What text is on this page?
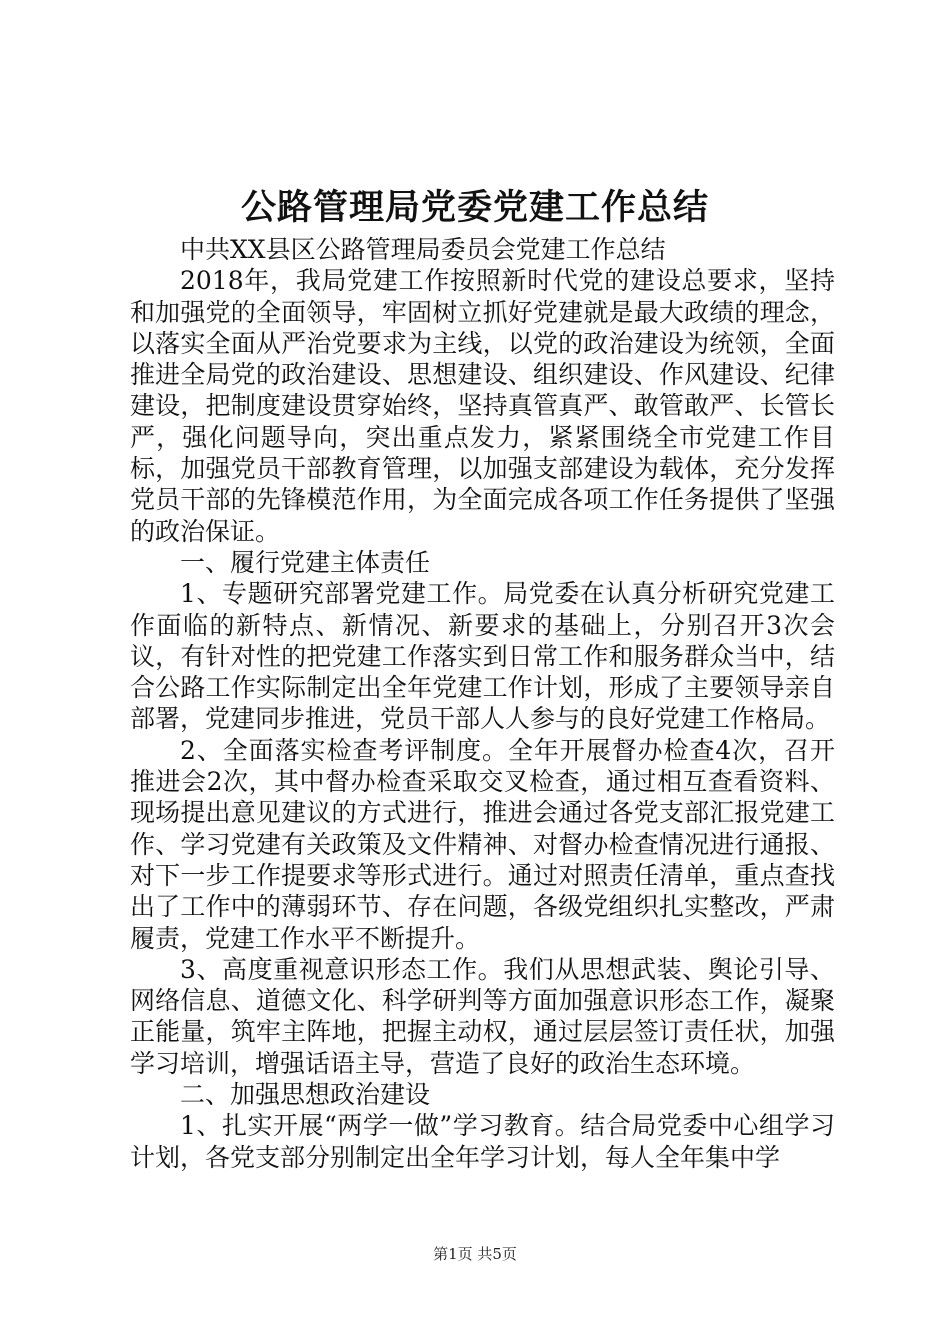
公路管理局党委党建工作总结

中共XX县区公路管理局委员会党建工作总结

2018年，我局党建工作按照新时代党的建设总要求，坚持和加强党的全面领导，牢固树立抓好党建就是最大政绩的理念，以落实全面从严治党要求为主线，以党的政治建设为统领，全面推进全局党的政治建设、思想建设、组织建设、作风建设、纪律建设，把制度建设贯穿始终，坚持真管真严、敢管敢严、长管长严，强化问题导向，突出重点发力，紧紧围绕全市党建工作目标，加强党员干部教育管理，以加强支部建设为载体，充分发挥党员干部的先锋模范作用，为全面完成各项工作任务提供了坚强的政治保证。

一、履行党建主体责任

1、专题研究部署党建工作。局党委在认真分析研究党建工作面临的新特点、新情况、新要求的基础上，分别召开3次会议，有针对性的把党建工作落实到日常工作和服务群众当中，结合公路工作实际制定出全年党建工作计划，形成了主要领导亲自部署，党建同步推进，党员干部人人参与的良好党建工作格局。

2、全面落实检查考评制度。全年开展督办检查4次，召开推进会2次，其中督办检查采取交叉检查，通过相互查看资料、现场提出意见建议的方式进行，推进会通过各党支部汇报党建工作、学习党建有关政策及文件精神、对督办检查情况进行通报、对下一步工作提要求等形式进行。通过对照责任清单，重点查找出了工作中的薄弱环节、存在问题，各级党组织扎实整改，严肃履责，党建工作水平不断提升。

3、高度重视意识形态工作。我们从思想武装、舆论引导、网络信息、道德文化、科学研判等方面加强意识形态工作，凝聚正能量，筑牢主阵地，把握主动权，通过层层签订责任状，加强学习培训，增强话语主导，营造了良好的政治生态环境。

二、加强思想政治建设

1、扎实开展“两学一做”学习教育。结合局党委中心组学习计划，各党支部分别制定出全年学习计划，每人全年集中学

第1页 共5页
